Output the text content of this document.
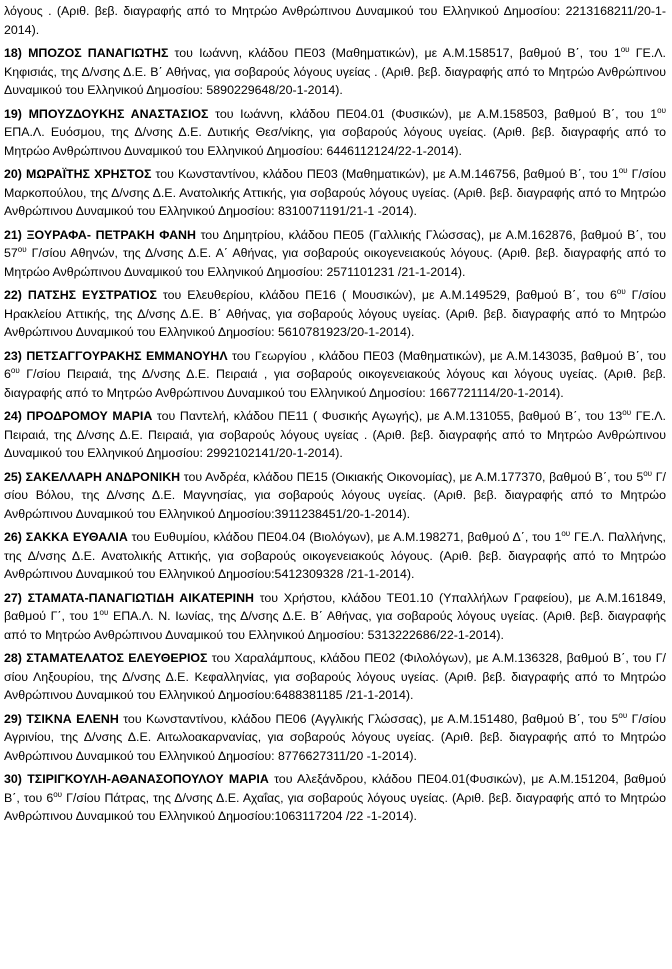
λόγους . (Αριθ. βεβ. διαγραφής από το Μητρώο Ανθρώπινου Δυναμικού του Ελληνικού Δημοσίου: 2213168211/20-1-2014).
18) ΜΠΟΖΟΣ ΠΑΝΑΓΙΩΤΗΣ του Ιωάννη, κλάδου ΠΕ03 (Μαθηματικών), με Α.Μ.158517, βαθμού Β΄, του $1^{o\upsilon}$ ΓΕ.Λ. Κηφισιάς, της Δ/νσης Δ.Ε. Β΄ Αθήνας, για σοβαρούς λόγους υγείας . (Αριθ. βεβ. διαγραφής από το Μητρώο Ανθρώπινου Δυναμικού του Ελληνικού Δημοσίου: 5890229648/20-1-2014).
19) ΜΠΟΥΖΔΟΥΚΗΣ ΑΝΑΣΤΑΣΙΟΣ του Ιωάννη, κλάδου ΠΕ04.01 (Φυσικών), με Α.Μ.158503, βαθμού Β΄, του $1^{o\upsilon}$ ΕΠΑ.Λ. Ευόσμου, της Δ/νσης Δ.Ε. Δυτικής Θεσ/νίκης, για σοβαρούς λόγους υγείας. (Αριθ. βεβ. διαγραφής από το Μητρώο Ανθρώπινου Δυναμικού του Ελληνικού Δημοσίου: 6446112124/22-1-2014).
20) ΜΩΡΑΪΤΗΣ ΧΡΗΣΤΟΣ του Κωνσταντίνου, κλάδου ΠΕ03 (Μαθηματικών), με Α.Μ.146756, βαθμού Β΄, του $1^{o\upsilon}$ Γ/σίου Μαρκοπούλου, της Δ/νσης Δ.Ε. Ανατολικής Αττικής, για σοβαρούς λόγους υγείας. (Αριθ. βεβ. διαγραφής από το Μητρώο Ανθρώπινου Δυναμικού του Ελληνικού Δημοσίου: 8310071191/21-1 -2014).
21) ΞΟΥΡΑΦΑ- ΠΕΤΡΑΚΗ ΦΑΝΗ του Δημητρίου, κλάδου ΠΕ05 (Γαλλικής Γλώσσας), με Α.Μ.162876, βαθμού Β΄, του $57^{o\upsilon}$ Γ/σίου Αθηνών, της Δ/νσης Δ.Ε. Α΄ Αθήνας, για σοβαρούς οικογενειακούς λόγους. (Αριθ. βεβ. διαγραφής από το Μητρώο Ανθρώπινου Δυναμικού του Ελληνικού Δημοσίου: 2571101231 /21-1-2014).
22) ΠΑΤΣΗΣ ΕΥΣΤΡΑΤΙΟΣ του Ελευθερίου, κλάδου ΠΕ16 ( Μουσικών), με Α.Μ.149529, βαθμού Β΄, του $6^{o\upsilon}$ Γ/σίου Ηρακλείου Αττικής, της Δ/νσης Δ.Ε. Β΄ Αθήνας, για σοβαρούς λόγους υγείας. (Αριθ. βεβ. διαγραφής από το Μητρώο Ανθρώπινου Δυναμικού του Ελληνικού Δημοσίου: 5610781923/20-1-2014).
23) ΠΕΤΣΑΓΓΟΥΡΑΚΗΣ ΕΜΜΑΝΟΥΗΛ του Γεωργίου , κλάδου ΠΕ03 (Μαθηματικών), με Α.Μ.143035, βαθμού Β΄, του $6^{o\upsilon}$ Γ/σίου Πειραιά, της Δ/νσης Δ.Ε. Πειραιά , για σοβαρούς οικογενειακούς λόγους και λόγους υγείας. (Αριθ. βεβ. διαγραφής από το Μητρώο Ανθρώπινου Δυναμικού του Ελληνικού Δημοσίου: 1667721114/20-1-2014).
24) ΠΡΟΔΡΟΜΟΥ ΜΑΡΙΑ του Παντελή, κλάδου ΠΕ11 ( Φυσικής Αγωγής), με Α.Μ.131055, βαθμού Β΄, του $13^{o\upsilon}$ ΓΕ.Λ. Πειραιά, της Δ/νσης Δ.Ε. Πειραιά, για σοβαρούς λόγους υγείας . (Αριθ. βεβ. διαγραφής από το Μητρώο Ανθρώπινου Δυναμικού του Ελληνικού Δημοσίου: 2992102141/20-1-2014).
25) ΣΑΚΕΛΛΑΡΗ ΑΝΔΡΟΝΙΚΗ του Ανδρέα, κλάδου ΠΕ15 (Οικιακής Οικονομίας), με Α.Μ.177370, βαθμού Β΄, του $5^{o\upsilon}$ Γ/σίου Βόλου, της Δ/νσης Δ.Ε. Μαγνησίας, για σοβαρούς λόγους υγείας. (Αριθ. βεβ. διαγραφής από το Μητρώο Ανθρώπινου Δυναμικού του Ελληνικού Δημοσίου:3911238451/20-1-2014).
26) ΣΑΚΚΑ ΕΥΘΑΛΙΑ του Ευθυμίου, κλάδου ΠΕ04.04 (Βιολόγων), με Α.Μ.198271, βαθμού Δ΄, του $1^{o\upsilon}$ ΓΕ.Λ. Παλλήνης, της Δ/νσης Δ.Ε. Ανατολικής Αττικής, για σοβαρούς οικογενειακούς λόγους. (Αριθ. βεβ. διαγραφής από το Μητρώο Ανθρώπινου Δυναμικού του Ελληνικού Δημοσίου:5412309328 /21-1-2014).
27) ΣΤΑΜΑΤΑ-ΠΑΝΑΓΙΩΤΙΔΗ ΑΙΚΑΤΕΡΙΝΗ του Χρήστου, κλάδου ΤΕ01.10 (Υπαλλήλων Γραφείου), με Α.Μ.161849, βαθμού Γ΄, του $1^{o\upsilon}$ ΕΠΑ.Λ. Ν. Ιωνίας, της Δ/νσης Δ.Ε. Β΄ Αθήνας, για σοβαρούς λόγους υγείας. (Αριθ. βεβ. διαγραφής από το Μητρώο Ανθρώπινου Δυναμικού του Ελληνικού Δημοσίου: 5313222686/22-1-2014).
28) ΣΤΑΜΑΤΕΛΑΤΟΣ ΕΛΕΥΘΕΡΙΟΣ του Χαραλάμπους, κλάδου ΠΕ02 (Φιλολόγων), με Α.Μ.136328, βαθμού Β΄, του Γ/σίου Ληξουρίου, της Δ/νσης Δ.Ε. Κεφαλληνίας, για σοβαρούς λόγους υγείας. (Αριθ. βεβ. διαγραφής από το Μητρώο Ανθρώπινου Δυναμικού του Ελληνικού Δημοσίου:6488381185 /21-1-2014).
29) ΤΣΙΚΝΑ ΕΛΕΝΗ του Κωνσταντίνου, κλάδου ΠΕ06 (Αγγλικής Γλώσσας), με Α.Μ.151480, βαθμού Β΄, του $5^{o\upsilon}$ Γ/σίου Αγρινίου, της Δ/νσης Δ.Ε. Αιτωλοακαρνανίας, για σοβαρούς λόγους υγείας. (Αριθ. βεβ. διαγραφής από το Μητρώο Ανθρώπινου Δυναμικού του Ελληνικού Δημοσίου: 8776627311/20 -1-2014).
30) ΤΣΙΡΙΓΚΟΥΛΗ-ΑΘΑΝΑΣΟΠΟΥΛΟΥ ΜΑΡΙΑ του Αλεξάνδρου, κλάδου ΠΕ04.01(Φυσικών), με Α.Μ.151204, βαθμού Β΄, του $6^{o\upsilon}$ Γ/σίου Πάτρας, της Δ/νσης Δ.Ε. Αχαΐας, για σοβαρούς λόγους υγείας. (Αριθ. βεβ. διαγραφής από το Μητρώο Ανθρώπινου Δυναμικού του Ελληνικού Δημοσίου:1063117204 /22 -1-2014).
